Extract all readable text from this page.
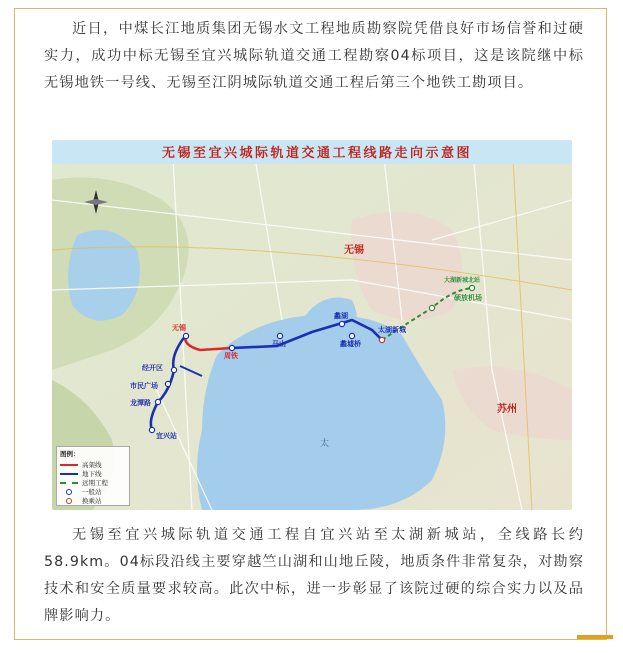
近日，中煤长江地质集团无锡水文工程地质勘察院凭借良好市场信誉和过硬实力，成功中标无锡至宜兴城际轨道交通工程勘察04标项目，这是该院继中标无锡地铁一号线、无锡至江阴城际轨道交通工程后第三个地铁工勘项目。

无锡至宜兴城际轨道交通工程线路走向示意图
无锡
苏州
太
宜兴站
龙潭路
市民广场
经开区
无锡
周铁
马山
蠡湖
蠡墟桥
太湖新城
硕放机场
大湖新城北站
图例：
高架线
地下线
远期工程
一般站
换乘站

无锡至宜兴城际轨道交通工程自宜兴站至太湖新城站，全线路长约58.9km。04标段沿线主要穿越竺山湖和山地丘陵，地质条件非常复杂，对勘察技术和安全质量要求较高。此次中标，进一步彰显了该院过硬的综合实力以及品牌影响力。
